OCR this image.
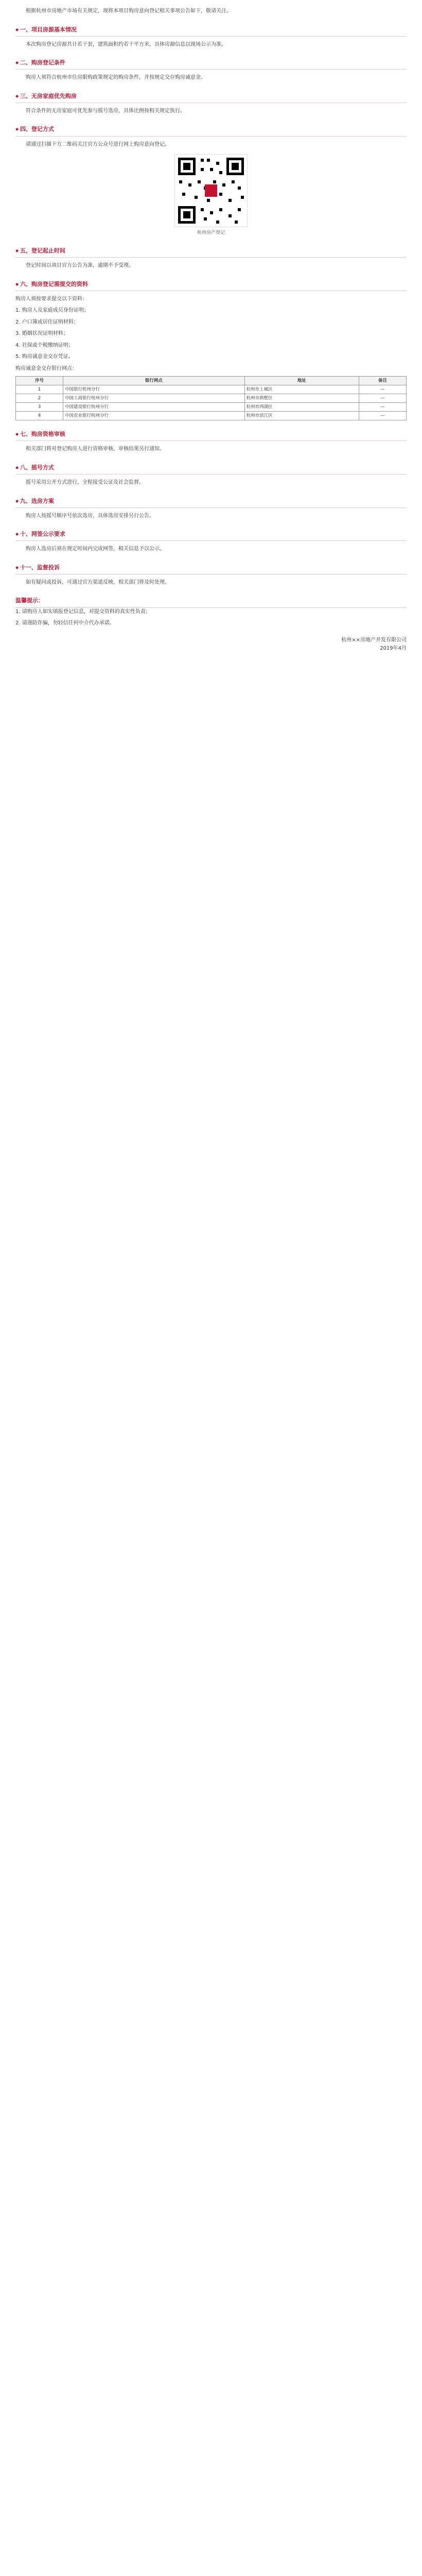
根据杭州市房地产市场有关规定，现将本项目购房意向登记相关事项公告如下，敬请关注。

◆ 一、项目房源基本情况

本次购房登记房源共计若干套，建筑面积约若干平方米，具体房源信息以现场公示为准。

◆ 二、购房登记条件

购房人须符合杭州市住房限购政策规定的购房条件，并按规定交存购房诚意金。

◆ 三、无房家庭优先购房

符合条件的无房家庭可优先参与摇号选房，具体比例按相关规定执行。

◆ 四、登记方式

请通过扫描下方二维码关注官方公众号进行网上购房意向登记。

杭州房产登记
◆ 五、登记起止时间

登记时间以项目官方公告为准，逾期不予受理。

◆ 六、购房登记需提交的资料

购房人须按要求提交以下资料：

1. 购房人及家庭成员身份证明；

2. 户口簿或居住证明材料；

3. 婚姻状况证明材料；

4. 社保或个税缴纳证明；

5. 购房诚意金交存凭证。

购房诚意金交存银行网点：

序号	银行网点	地址	备注
1	中国银行杭州分行	杭州市上城区	—
2	中国工商银行杭州分行	杭州市拱墅区	—
3	中国建设银行杭州分行	杭州市西湖区	—
4	中国农业银行杭州分行	杭州市滨江区	—
◆ 七、购房资格审核

相关部门将对登记购房人进行资格审核，审核结果另行通知。

◆ 八、摇号方式

摇号采用公开方式进行，全程接受公证及社会监督。

◆ 九、选房方案

购房人按摇号顺序号依次选房，具体选房安排另行公告。

◆ 十、网签公示要求

购房人选房后须在规定时间内完成网签，相关信息予以公示。

◆ 十一、监督投诉

如有疑问或投诉，可通过官方渠道反映，相关部门将及时处理。

温馨提示：

1. 请购房人如实填报登记信息，对提交资料的真实性负责；

2. 请谨防诈骗，勿轻信任何中介代办承诺。

杭州××房地产开发有限公司
2019年4月
